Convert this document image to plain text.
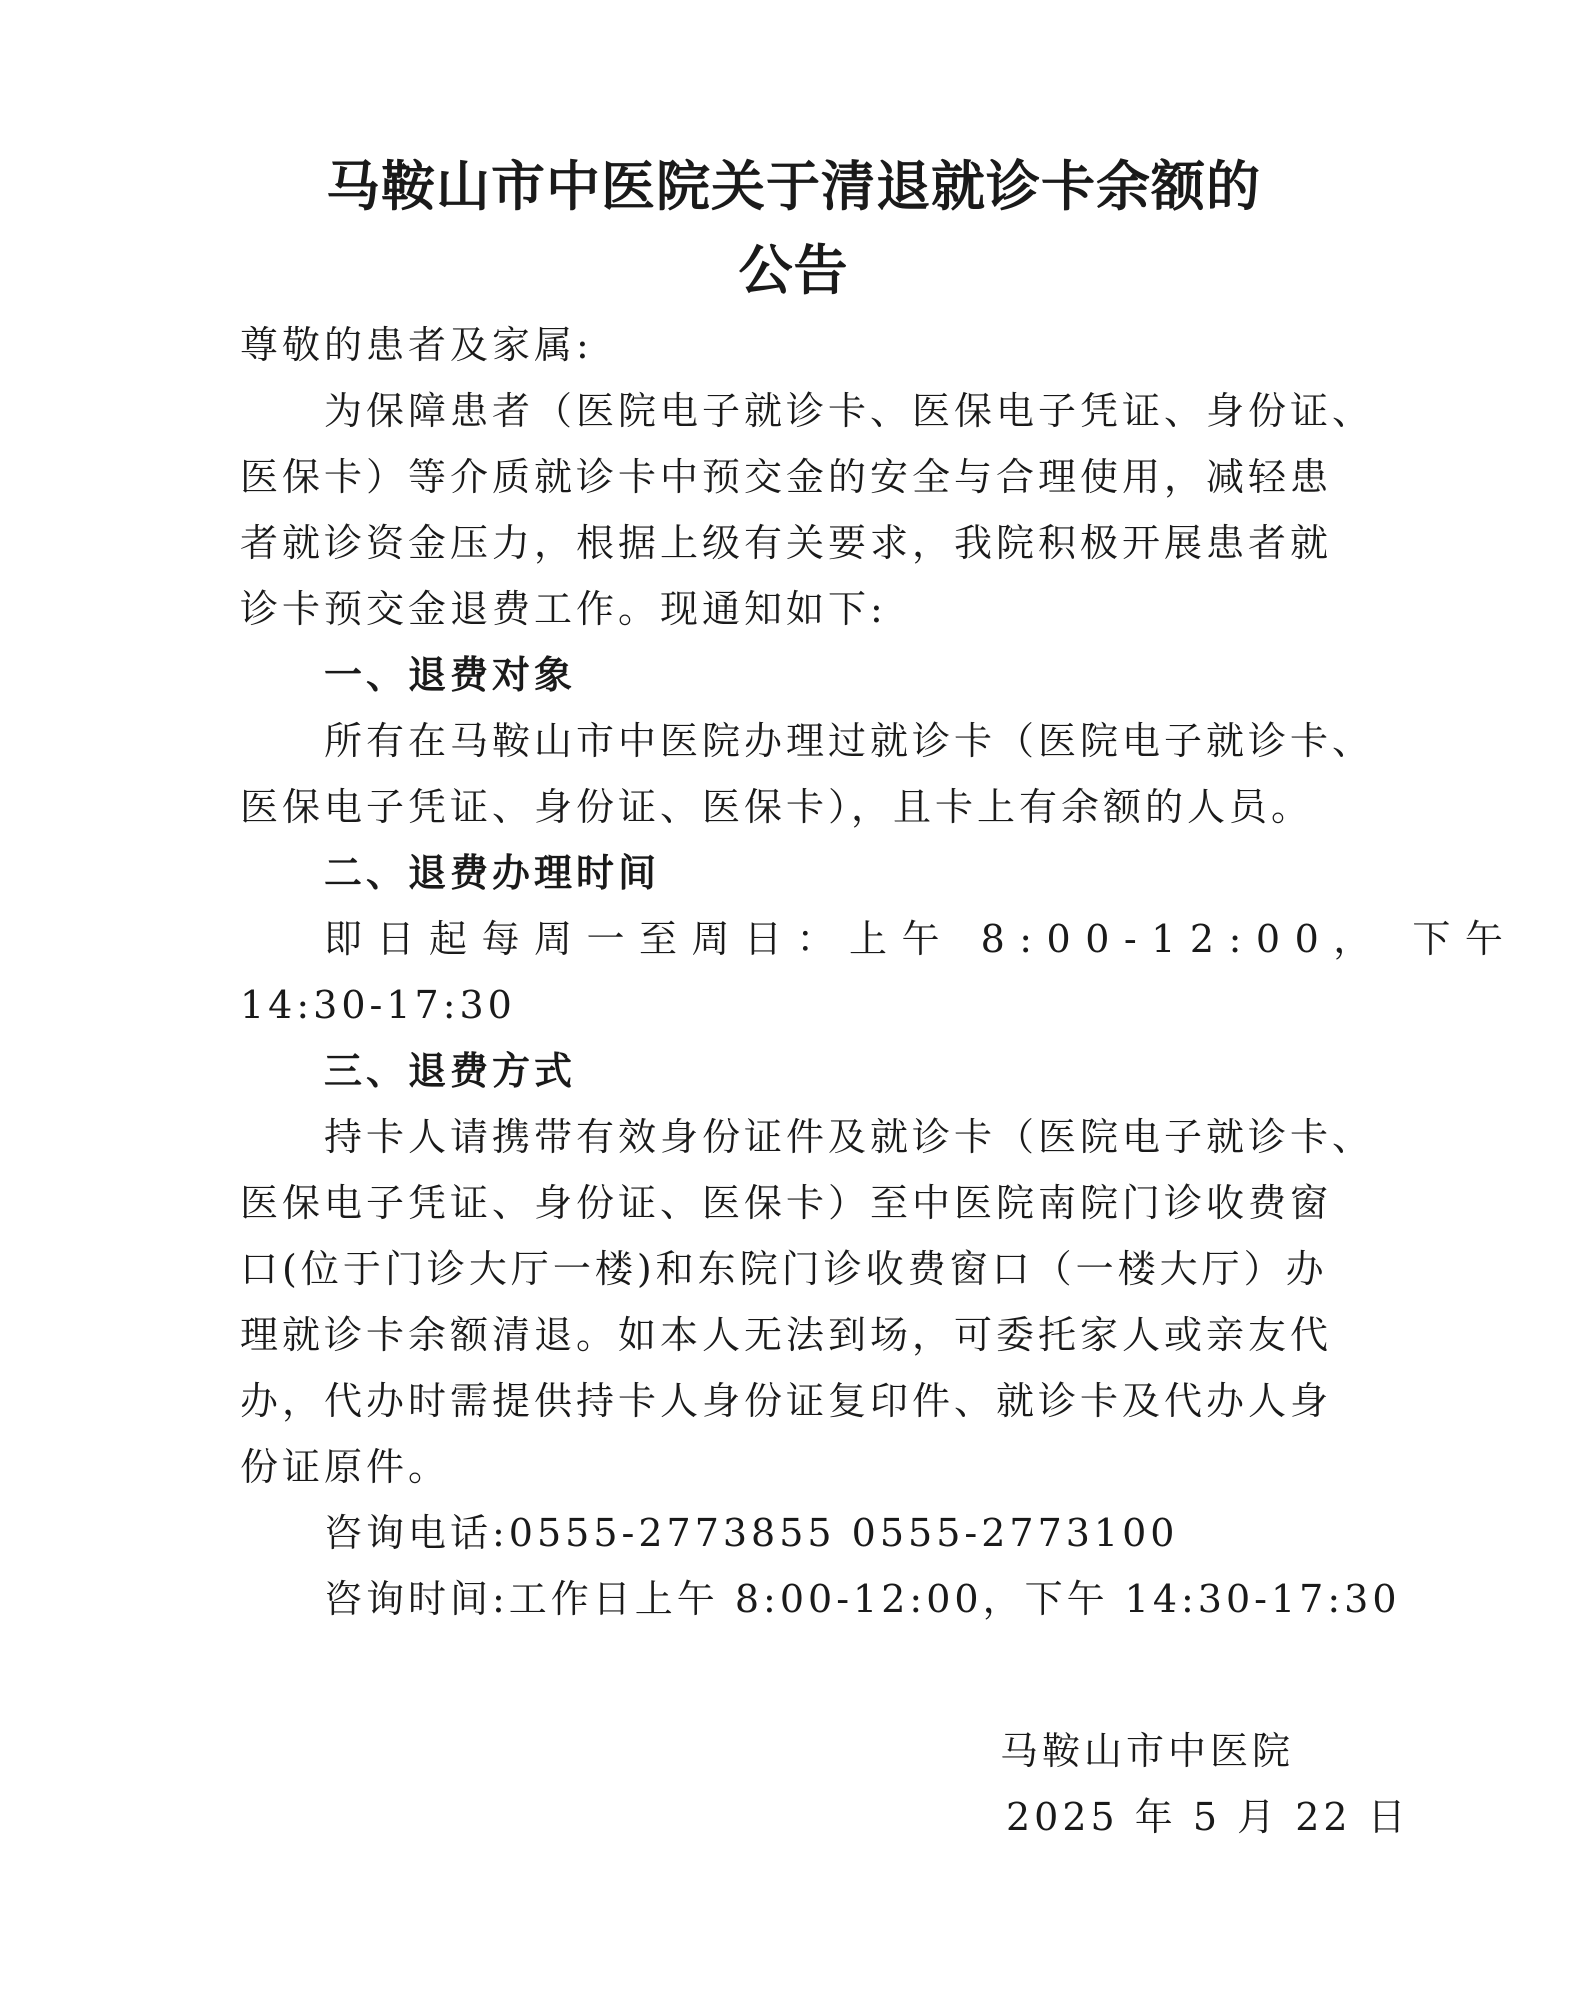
马鞍山市中医院关于清退就诊卡余额的
公告
尊敬的患者及家属:
为保障患者（医院电子就诊卡、医保电子凭证、身份证、
医保卡）等介质就诊卡中预交金的安全与合理使用，减轻患
者就诊资金压力，根据上级有关要求，我院积极开展患者就
诊卡预交金退费工作。现通知如下:
一、退费对象
所有在马鞍山市中医院办理过就诊卡（医院电子就诊卡、
医保电子凭证、身份证、医保卡），且卡上有余额的人员。
二、退费办理时间
即日起每周一至周日：上午 8:00-12:00， 下午
14:30-17:30
三、退费方式
持卡人请携带有效身份证件及就诊卡（医院电子就诊卡、
医保电子凭证、身份证、医保卡）至中医院南院门诊收费窗
口(位于门诊大厅一楼)和东院门诊收费窗口（一楼大厅）办
理就诊卡余额清退。如本人无法到场，可委托家人或亲友代
办，代办时需提供持卡人身份证复印件、就诊卡及代办人身
份证原件。
咨询电话:0555-2773855 0555-2773100
咨询时间:工作日上午 8:00-12:00，下午 14:30-17:30
马鞍山市中医院
2025 年 5 月 22 日
